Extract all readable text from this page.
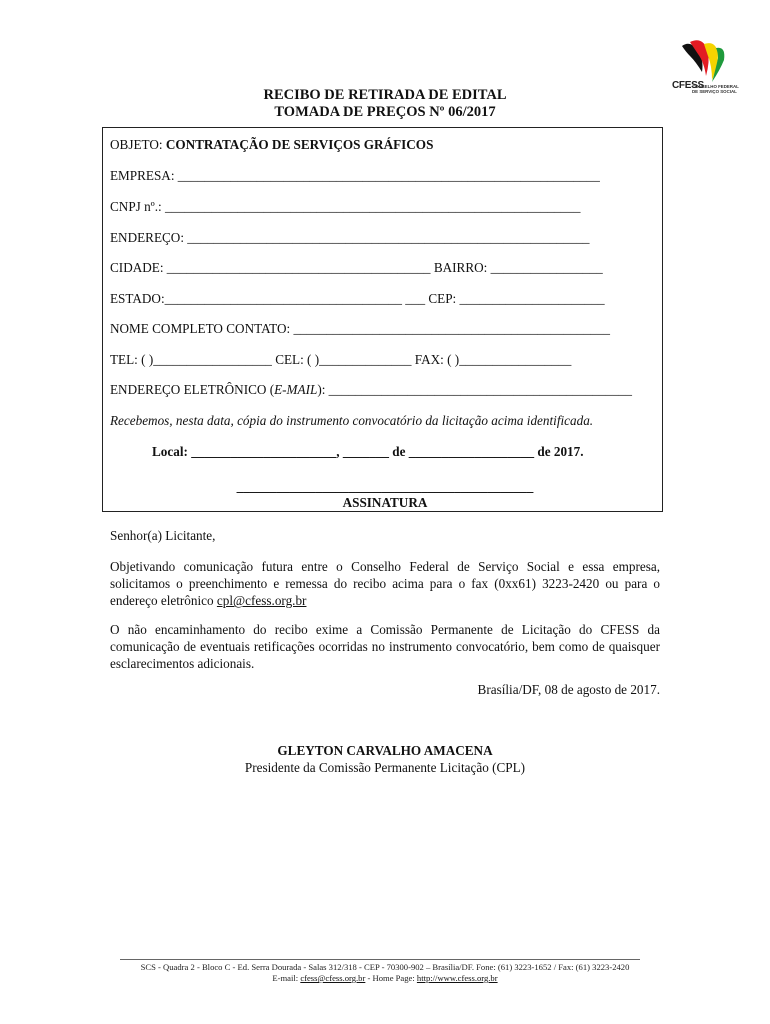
CFESS
CONSELHO FEDERAL DE SERVIÇO SOCIAL
RECIBO DE RETIRADA DE EDITAL
TOMADA DE PREÇOS Nº 06/2017
OBJETO: CONTRATAÇÃO DE SERVIÇOS GRÁFICOS
EMPRESA: ________________________________________________________________
CNPJ nº.: _______________________________________________________________
ENDEREÇO: _____________________________________________________________
CIDADE: ________________________________________ BAIRRO: _________________
ESTADO:____________________________________ ___ CEP: ______________________
NOME COMPLETO CONTATO: ________________________________________________
TEL: ( )__________________ CEL: ( )______________ FAX: ( )_________________
ENDEREÇO ELETRÔNICO (E-MAIL): ______________________________________________
Recebemos, nesta data, cópia do instrumento convocatório da licitação acima identificada.
Local: ______________________, _______ de ___________________ de 2017.
_____________________________________________
ASSINATURA
Senhor(a) Licitante,
Objetivando comunicação futura entre o Conselho Federal de Serviço Social e essa empresa, solicitamos o preenchimento e remessa do recibo acima para o fax (0xx61) 3223-2420 ou para o endereço eletrônico cpl@cfess.org.br
O não encaminhamento do recibo exime a Comissão Permanente de Licitação do CFESS da comunicação de eventuais retificações ocorridas no instrumento convocatório, bem como de quaisquer esclarecimentos adicionais.
Brasília/DF, 08 de agosto de 2017.
GLEYTON CARVALHO AMACENA
Presidente da Comissão Permanente Licitação (CPL)
SCS - Quadra 2 - Bloco C - Ed. Serra Dourada - Salas 312/318 - CEP - 70300-902 – Brasília/DF. Fone: (61) 3223-1652 / Fax: (61) 3223-2420
E-mail: cfess@cfess.org.br - Home Page: http://www.cfess.org.br
